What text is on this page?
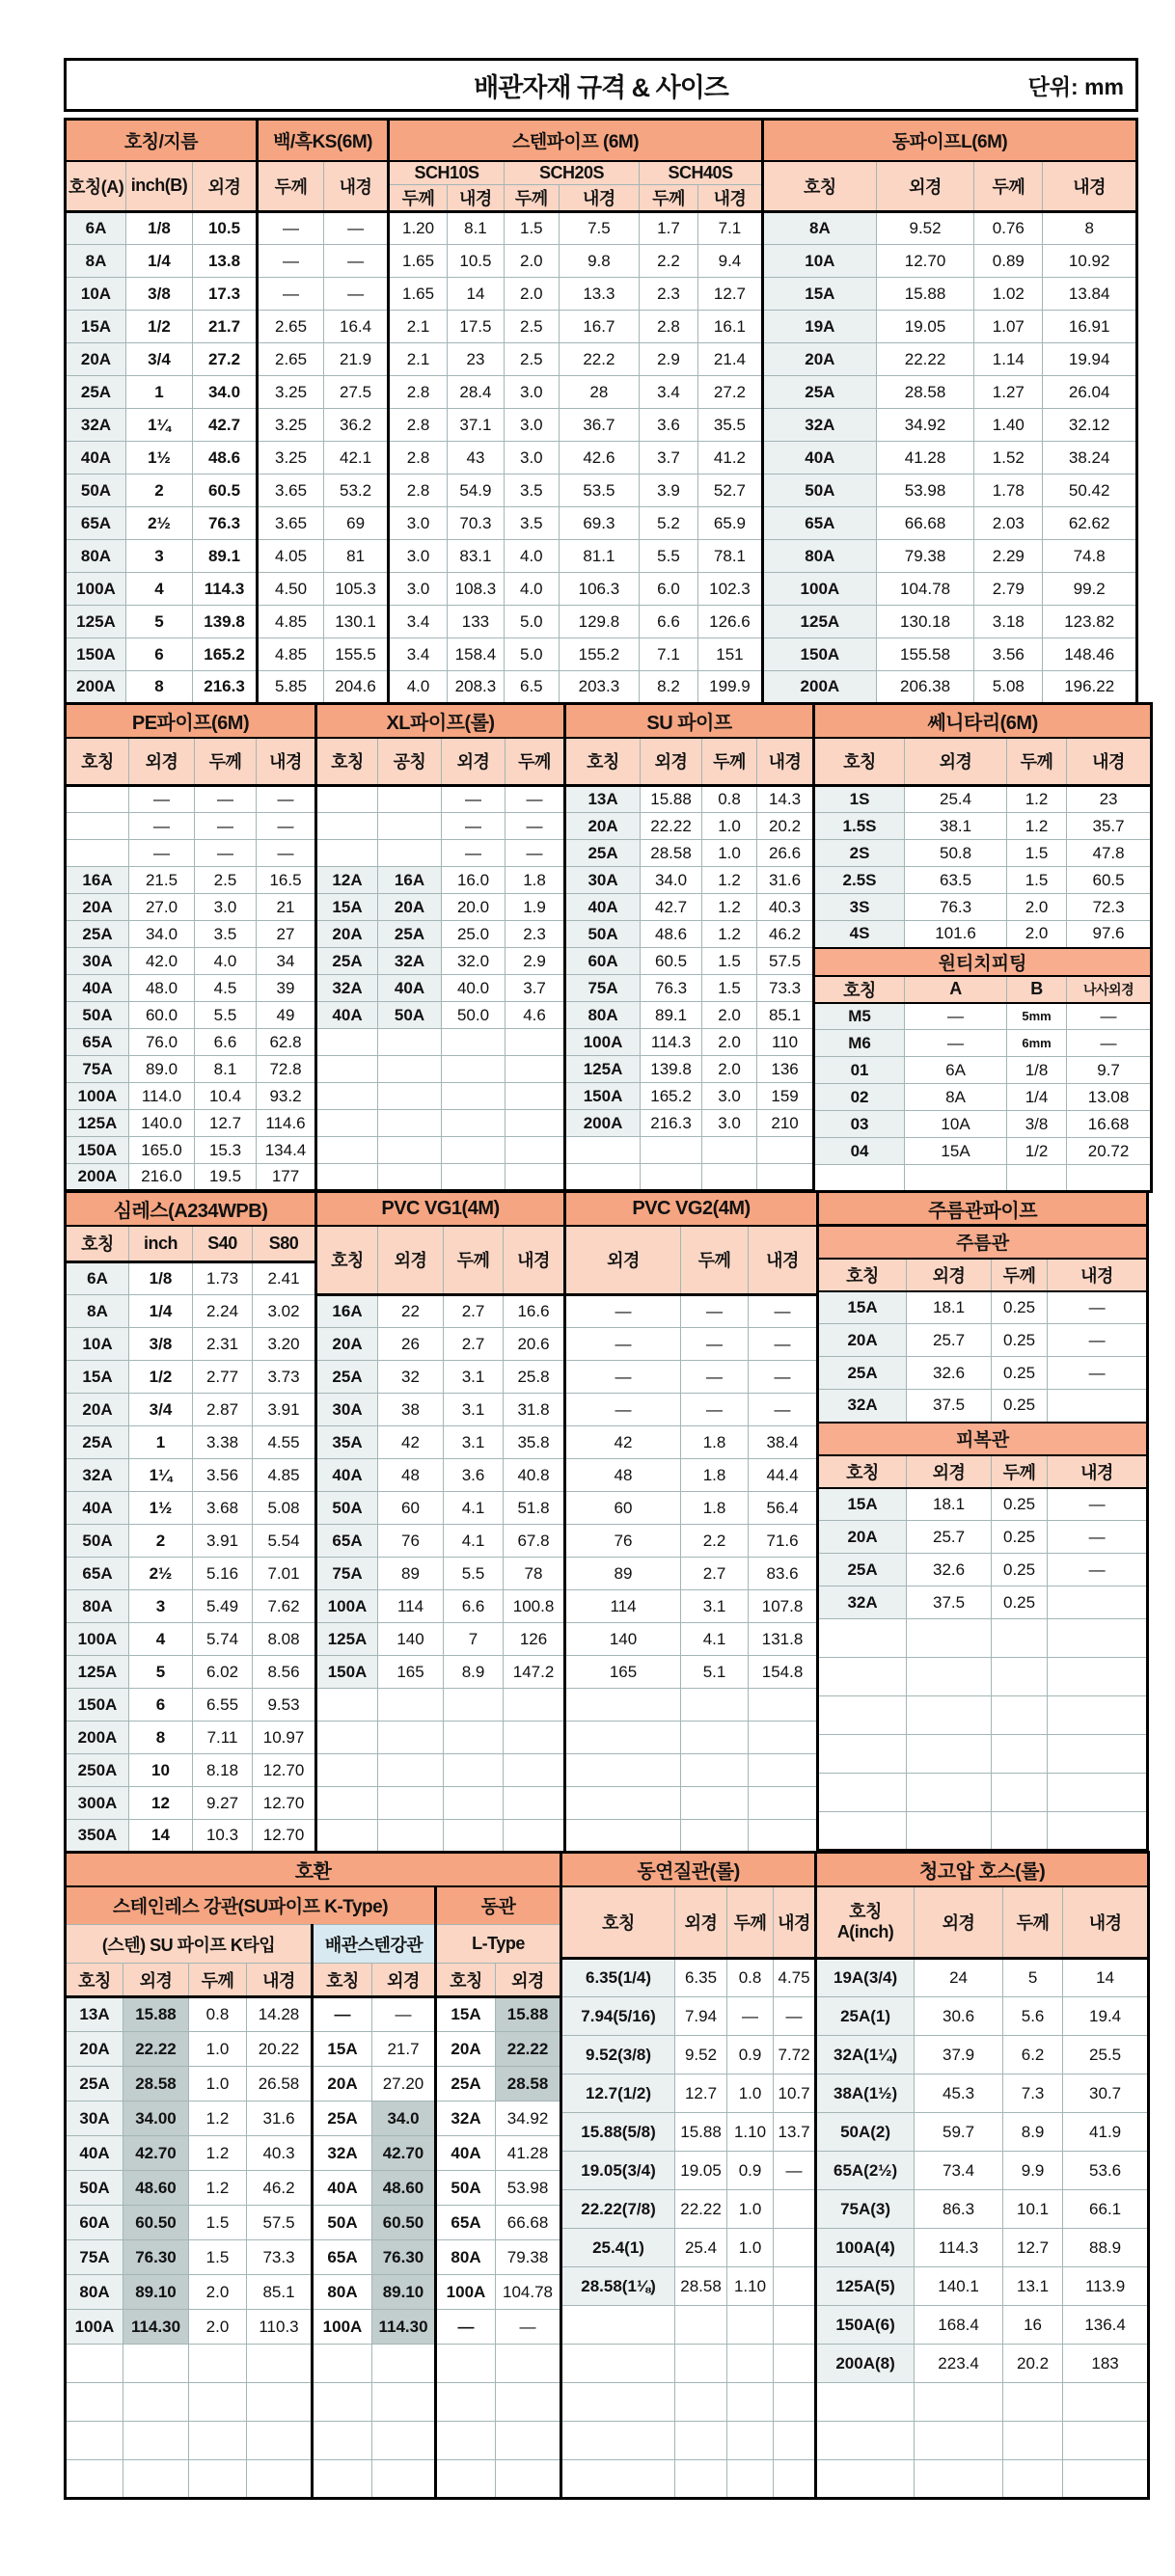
배관자재 규격 & 사이즈	단위: mm
호칭/지름			백/흑KS(6M)		스텐파이프 (6M)						동파이프L(6M)			
호칭(A)	inch(B)	외경	두께	내경	SCH10S		SCH20S		SCH40S		호칭	외경	두께	내경
					두께	내경	두께	내경	두께	내경				
6A	1/8	10.5	—	—	1.20	8.1	1.5	7.5	1.7	7.1	8A	9.52	0.76	8
8A	1/4	13.8	—	—	1.65	10.5	2.0	9.8	2.2	9.4	10A	12.70	0.89	10.92
10A	3/8	17.3	—	—	1.65	14	2.0	13.3	2.3	12.7	15A	15.88	1.02	13.84
15A	1/2	21.7	2.65	16.4	2.1	17.5	2.5	16.7	2.8	16.1	19A	19.05	1.07	16.91
20A	3/4	27.2	2.65	21.9	2.1	23	2.5	22.2	2.9	21.4	20A	22.22	1.14	19.94
25A	1	34.0	3.25	27.5	2.8	28.4	3.0	28	3.4	27.2	25A	28.58	1.27	26.04
32A	1¼	42.7	3.25	36.2	2.8	37.1	3.0	36.7	3.6	35.5	32A	34.92	1.40	32.12
40A	1½	48.6	3.25	42.1	2.8	43	3.0	42.6	3.7	41.2	40A	41.28	1.52	38.24
50A	2	60.5	3.65	53.2	2.8	54.9	3.5	53.5	3.9	52.7	50A	53.98	1.78	50.42
65A	2½	76.3	3.65	69	3.0	70.3	3.5	69.3	5.2	65.9	65A	66.68	2.03	62.62
80A	3	89.1	4.05	81	3.0	83.1	4.0	81.1	5.5	78.1	80A	79.38	2.29	74.8
100A	4	114.3	4.50	105.3	3.0	108.3	4.0	106.3	6.0	102.3	100A	104.78	2.79	99.2
125A	5	139.8	4.85	130.1	3.4	133	5.0	129.8	6.6	126.6	125A	130.18	3.18	123.82
150A	6	165.2	4.85	155.5	3.4	158.4	5.0	155.2	7.1	151	150A	155.58	3.56	148.46
200A	8	216.3	5.85	204.6	4.0	208.3	6.5	203.3	8.2	199.9	200A	206.38	5.08	196.22
PE파이프(6M)			
호칭	외경	두께	내경
	—	—	—
	—	—	—
	—	—	—
16A	21.5	2.5	16.5
20A	27.0	3.0	21
25A	34.0	3.5	27
30A	42.0	4.0	34
40A	48.0	4.5	39
50A	60.0	5.5	49
65A	76.0	6.6	62.8
75A	89.0	8.1	72.8
100A	114.0	10.4	93.2
125A	140.0	12.7	114.6
150A	165.0	15.3	134.4
200A	216.0	19.5	177
XL파이프(롤)			
호칭	공칭	외경	두께
		—	—
		—	—
		—	—
12A	16A	16.0	1.8
15A	20A	20.0	1.9
20A	25A	25.0	2.3
25A	32A	32.0	2.9
32A	40A	40.0	3.7
40A	50A	50.0	4.6

SU 파이프			
호칭	외경	두께	내경
13A	15.88	0.8	14.3
20A	22.22	1.0	20.2
25A	28.58	1.0	26.6
30A	34.0	1.2	31.6
40A	42.7	1.2	40.3
50A	48.6	1.2	46.2
60A	60.5	1.5	57.5
75A	76.3	1.5	73.3
80A	89.1	2.0	85.1
100A	114.3	2.0	110
125A	139.8	2.0	136
150A	165.2	3.0	159
200A	216.3	3.0	210

쎄니타리(6M)			
호칭	외경	두께	내경
1S	25.4	1.2	23
1.5S	38.1	1.2	35.7
2S	50.8	1.5	47.8
2.5S	63.5	1.5	60.5
3S	76.3	2.0	72.3
4S	101.6	2.0	97.6
원티치피팅			
호칭	A	B	나사외경
M5	—	5mm	—
M6	—	6mm	—
01	6A	1/8	9.7
02	8A	1/4	13.08
03	10A	3/8	16.68
04	15A	1/2	20.72

심레스(A234WPB)			
호칭	inch	S40	S80
6A	1/8	1.73	2.41
8A	1/4	2.24	3.02
10A	3/8	2.31	3.20
15A	1/2	2.77	3.73
20A	3/4	2.87	3.91
25A	1	3.38	4.55
32A	1¼	3.56	4.85
40A	1½	3.68	5.08
50A	2	3.91	5.54
65A	2½	5.16	7.01
80A	3	5.49	7.62
100A	4	5.74	8.08
125A	5	6.02	8.56
150A	6	6.55	9.53
200A	8	7.11	10.97
250A	10	8.18	12.70
300A	12	9.27	12.70
350A	14	10.3	12.70
PVC VG1(4M)			
호칭	외경	두께	내경
16A	22	2.7	16.6
20A	26	2.7	20.6
25A	32	3.1	25.8
30A	38	3.1	31.8
35A	42	3.1	35.8
40A	48	3.6	40.8
50A	60	4.1	51.8
65A	76	4.1	67.8
75A	89	5.5	78
100A	114	6.6	100.8
125A	140	7	126
150A	165	8.9	147.2

PVC VG2(4M)		
외경	두께	내경
—	—	—
—	—	—
—	—	—
—	—	—
42	1.8	38.4
48	1.8	44.4
60	1.8	56.4
76	2.2	71.6
89	2.7	83.6
114	3.1	107.8
140	4.1	131.8
165	5.1	154.8

주름관파이프			
주름관			
호칭	외경	두께	내경
15A	18.1	0.25	—
20A	25.7	0.25	—
25A	32.6	0.25	—
32A	37.5	0.25	
피복관			
호칭	외경	두께	내경
15A	18.1	0.25	—
20A	25.7	0.25	—
25A	32.6	0.25	—
32A	37.5	0.25	

호환							
스테인레스 강관(SU파이프 K-Type)						동관	
(스텐) SU 파이프 K타입				배관스텐강관		L-Type	
호칭	외경	두께	내경	호칭	외경	호칭	외경
13A	15.88	0.8	14.28	—	—	15A	15.88
20A	22.22	1.0	20.22	15A	21.7	20A	22.22
25A	28.58	1.0	26.58	20A	27.20	25A	28.58
30A	34.00	1.2	31.6	25A	34.0	32A	34.92
40A	42.70	1.2	40.3	32A	42.70	40A	41.28
50A	48.60	1.2	46.2	40A	48.60	50A	53.98
60A	60.50	1.5	57.5	50A	60.50	65A	66.68
75A	76.30	1.5	73.3	65A	76.30	80A	79.38
80A	89.10	2.0	85.1	80A	89.10	100A	104.78
100A	114.30	2.0	110.3	100A	114.30	—	—

동연질관(롤)			
호칭	외경	두께	내경
6.35(1/4)	6.35	0.8	4.75
7.94(5/16)	7.94	—	—
9.52(3/8)	9.52	0.9	7.72
12.7(1/2)	12.7	1.0	10.7
15.88(5/8)	15.88	1.10	13.7
19.05(3/4)	19.05	0.9	—
22.22(7/8)	22.22	1.0	
25.4(1)	25.4	1.0	
28.58(1⅛)	28.58	1.10	

청고압 호스(롤)			

호칭
A(inch)	외경	두께	내경
19A(3/4)	24	5	14
25A(1)	30.6	5.6	19.4
32A(1¼)	37.9	6.2	25.5
38A(1½)	45.3	7.3	30.7
50A(2)	59.7	8.9	41.9
65A(2½)	73.4	9.9	53.6
75A(3)	86.3	10.1	66.1
100A(4)	114.3	12.7	88.9
125A(5)	140.1	13.1	113.9
150A(6)	168.4	16	136.4
200A(8)	223.4	20.2	183
